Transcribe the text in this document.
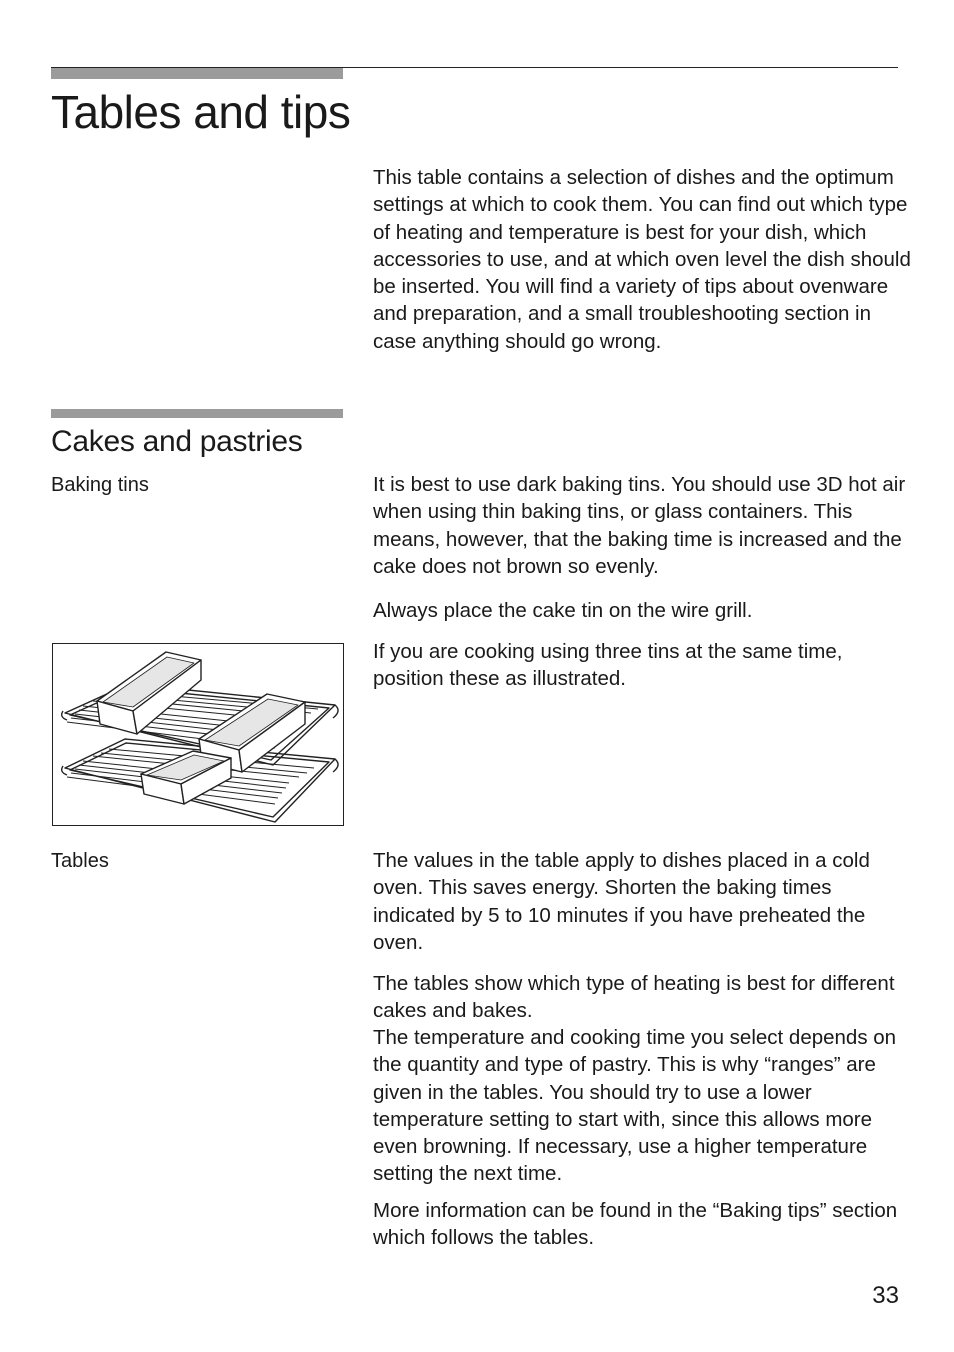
Tables and tips

This table contains a selection of dishes and the optimum settings at which to cook them. You can find out which type of heating and temperature is best for your dish, which accessories to use, and at which oven level the dish should be inserted. You will find a variety of tips about ovenware and preparation, and a small troubleshooting section in case anything should go wrong.

Cakes and pastries
Baking tins	It is best to use dark baking tins. You should use 3D hot air when using thin baking tins, or glass containers. This means, however, that the baking time is increased and the cake does not brown so evenly.

Always place the cake tin on the wire grill.

If you are cooking using three tins at the same time, position these as illustrated.

Tables	The values in the table apply to dishes placed in a cold oven. This saves energy. Shorten the baking times indicated by 5 to 10 minutes if you have preheated the oven.

The tables show which type of heating is best for different cakes and bakes.

The temperature and cooking time you select depends on the quantity and type of pastry. This is why “ranges” are given in the tables. You should try to use a lower temperature setting to start with, since this allows more even browning. If necessary, use a higher temperature setting the next time.

More information can be found in the “Baking tips” section which follows the tables.

33
